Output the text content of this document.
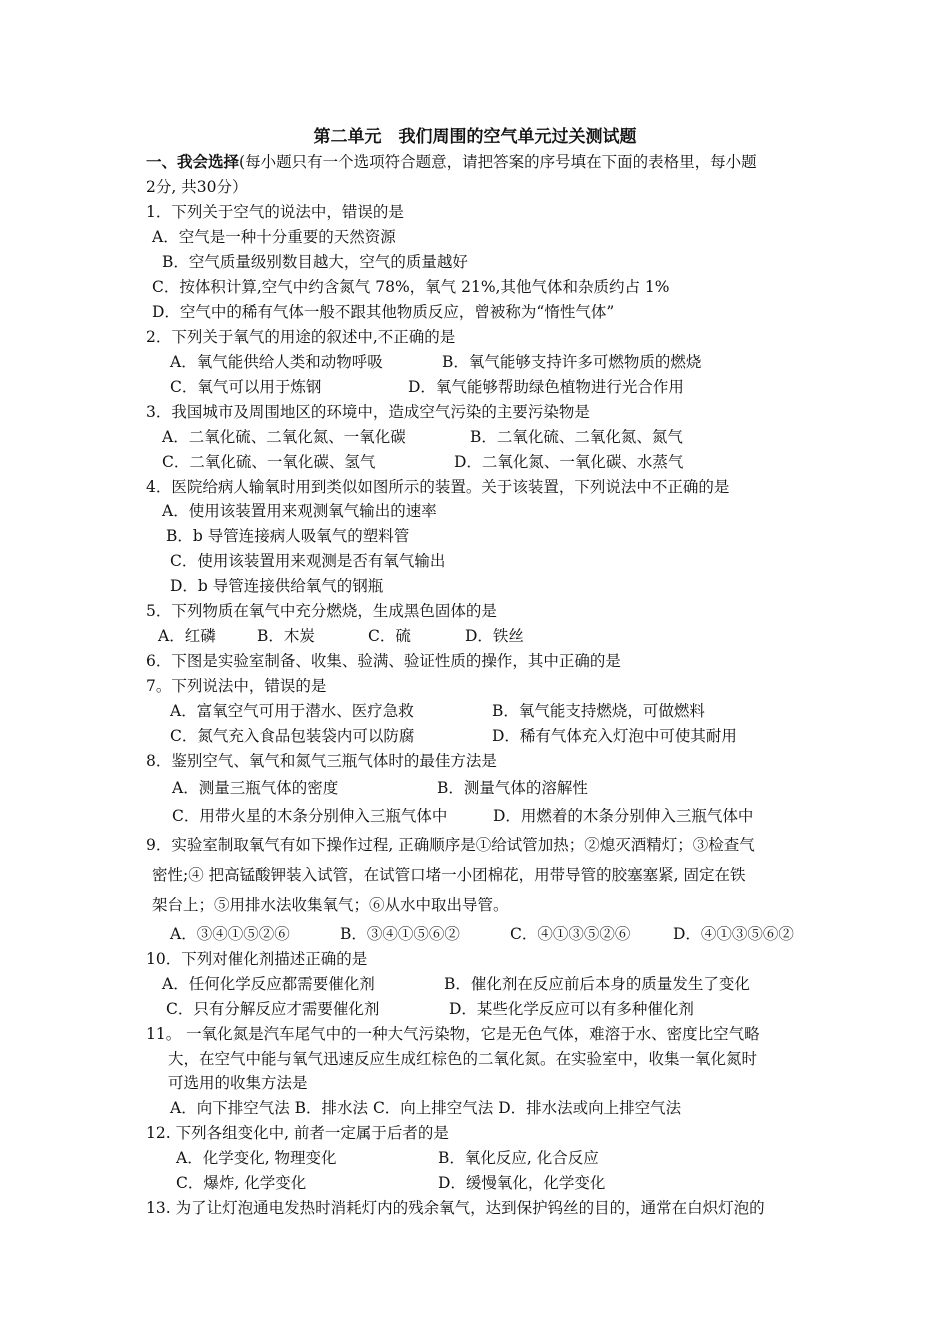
第二单元　我们周围的空气单元过关测试题
一、我会选择(每小题只有一个选项符合题意，请把答案的序号填在下面的表格里，每小题
2分, 共30分）
1．下列关于空气的说法中，错误的是
A．空气是一种十分重要的天然资源
B．空气质量级别数目越大，空气的质量越好
C．按体积计算,空气中约含氮气 78%，氧气 21%,其他气体和杂质约占 1%
D．空气中的稀有气体一般不跟其他物质反应，曾被称为“惰性气体”
2．下列关于氧气的用途的叙述中,不正确的是
A．氧气能供给人类和动物呼吸	B．氧气能够支持许多可燃物质的燃烧
C．氧气可以用于炼钢	D．氧气能够帮助绿色植物进行光合作用
3．我国城市及周围地区的环境中，造成空气污染的主要污染物是
A．二氧化硫、二氧化氮、一氧化碳	B．二氧化硫、二氧化氮、氮气
C．二氧化硫、一氧化碳、氢气	D．二氧化氮、一氧化碳、水蒸气
4．医院给病人输氧时用到类似如图所示的装置。关于该装置，下列说法中不正确的是
A．使用该装置用来观测氧气输出的速率
B．b 导管连接病人吸氧气的塑料管
C．使用该装置用来观测是否有氧气输出
D．b 导管连接供给氧气的钢瓶
5．下列物质在氧气中充分燃烧，生成黑色固体的是
A．红磷	B．木炭	C．硫	D．铁丝
6．下图是实验室制备、收集、验满、验证性质的操作，其中正确的是
7。下列说法中，错误的是
A．富氧空气可用于潜水、医疗急救	B．氧气能支持燃烧，可做燃料
C．氮气充入食品包装袋内可以防腐	D．稀有气体充入灯泡中可使其耐用
8．鉴别空气、氧气和氮气三瓶气体时的最佳方法是
A．测量三瓶气体的密度	B．测量气体的溶解性
C．用带火星的木条分别伸入三瓶气体中	D．用燃着的木条分别伸入三瓶气体中
9．实验室制取氧气有如下操作过程, 正确顺序是①给试管加热；②熄灭酒精灯；③检查气
密性;④ 把高锰酸钾装入试管，在试管口堵一小团棉花，用带导管的胶塞塞紧, 固定在铁
架台上；⑤用排水法收集氧气；⑥从水中取出导管。
A．③④①⑤②⑥	B．③④①⑤⑥②	C．④①③⑤②⑥	D．④①③⑤⑥②
10．下列对催化剂描述正确的是
A．任何化学反应都需要催化剂	B．催化剂在反应前后本身的质量发生了变化
C．只有分解反应才需要催化剂	D．某些化学反应可以有多种催化剂
11。 一氧化氮是汽车尾气中的一种大气污染物，它是无色气体，难溶于水、密度比空气略
大，在空气中能与氧气迅速反应生成红棕色的二氧化氮。在实验室中，收集一氧化氮时
可选用的收集方法是
A．向下排空气法 B．排水法 C．向上排空气法 D．排水法或向上排空气法
12. 下列各组变化中, 前者一定属于后者的是
A．化学变化, 物理变化	B．氧化反应, 化合反应
C．爆炸, 化学变化	D．缓慢氧化，化学变化
13. 为了让灯泡通电发热时消耗灯内的残余氧气，达到保护钨丝的目的，通常在白炽灯泡的
